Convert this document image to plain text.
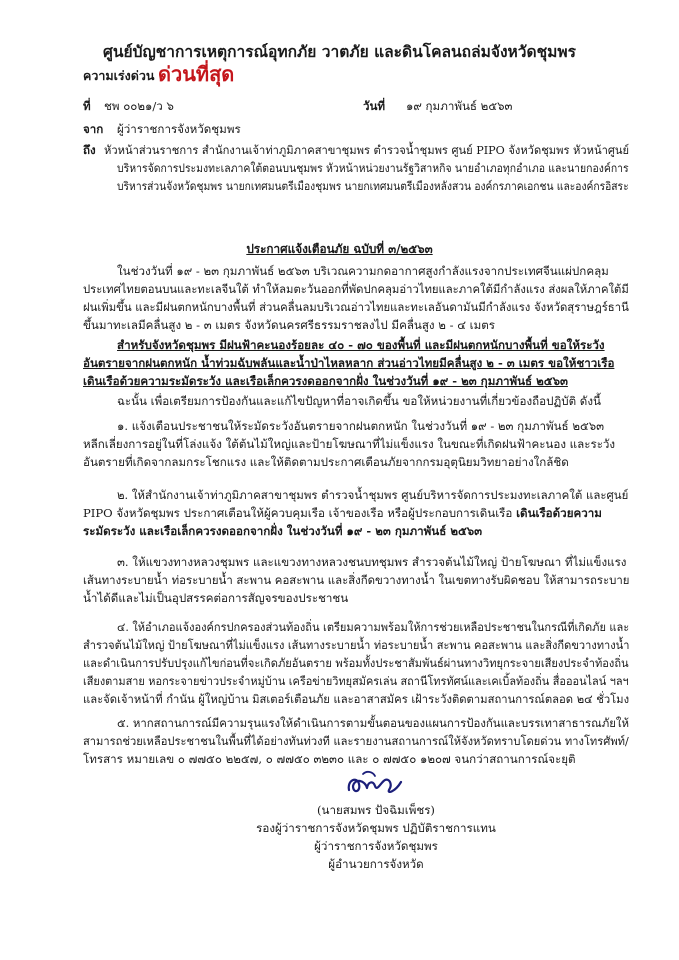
ศูนย์บัญชาการเหตุการณ์อุทกภัย วาตภัย และดินโคลนถล่มจังหวัดชุมพร
ความเร่งด่วน ด่วนที่สุด
ที่ ชพ ๐๐๒๑/ว ๖	วันที่ ๑๙ กุมภาพันธ์ ๒๕๖๓
จาก ผู้ว่าราชการจังหวัดชุมพร
ถึง หัวหน้าส่วนราชการ สำนักงานเจ้าท่าภูมิภาคสาขาชุมพร ตำรวจน้ำชุมพร ศูนย์ PIPO จังหวัดชุมพร หัวหน้าศูนย์
บริหารจัดการประมงทะเลภาคใต้ตอนบนชุมพร หัวหน้าหน่วยงานรัฐวิสาหกิจ นายอำเภอทุกอำเภอ และนายกองค์การ
บริหารส่วนจังหวัดชุมพร นายกเทศมนตรีเมืองชุมพร นายกเทศมนตรีเมืองหลังสวน องค์กรภาคเอกชน และองค์กรอิสระ
ประกาศแจ้งเตือนภัย ฉบับที่ ๓/๒๕๖๓
ในช่วงวันที่ ๑๙ - ๒๓ กุมภาพันธ์ ๒๕๖๓ บริเวณความกดอากาศสูงกำลังแรงจากประเทศจีนแผ่ปกคลุม
ประเทศไทยตอนบนและทะเลจีนใต้ ทำให้ลมตะวันออกที่พัดปกคลุมอ่าวไทยและภาคใต้มีกำลังแรง ส่งผลให้ภาคใต้มี
ฝนเพิ่มขึ้น และมีฝนตกหนักบางพื้นที่ ส่วนคลื่นลมบริเวณอ่าวไทยและทะเลอันดามันมีกำลังแรง จังหวัดสุราษฎร์ธานี
ขึ้นมาทะเลมีคลื่นสูง ๒ - ๓ เมตร จังหวัดนครศรีธรรมราชลงไป มีคลื่นสูง ๒ - ๔ เมตร
สำหรับจังหวัดชุมพร มีฝนฟ้าคะนองร้อยละ ๔๐ - ๗๐ ของพื้นที่ และมีฝนตกหนักบางพื้นที่ ขอให้ระวัง
อันตรายจากฝนตกหนัก น้ำท่วมฉับพลันและน้ำป่าไหลหลาก ส่วนอ่าวไทยมีคลื่นสูง ๒ - ๓ เมตร ขอให้ชาวเรือ
เดินเรือด้วยความระมัดระวัง และเรือเล็กควรงดออกจากฝั่ง ในช่วงวันที่ ๑๙ - ๒๓ กุมภาพันธ์ ๒๕๖๓
ฉะนั้น เพื่อเตรียมการป้องกันและแก้ไขปัญหาที่อาจเกิดขึ้น ขอให้หน่วยงานที่เกี่ยวข้องถือปฏิบัติ ดังนี้
๑. แจ้งเตือนประชาชนให้ระมัดระวังอันตรายจากฝนตกหนัก ในช่วงวันที่ ๑๙ - ๒๓ กุมภาพันธ์ ๒๕๖๓
หลีกเลี่ยงการอยู่ในที่โล่งแจ้ง ใต้ต้นไม้ใหญ่และป้ายโฆษณาที่ไม่แข็งแรง ในขณะที่เกิดฝนฟ้าคะนอง และระวัง
อันตรายที่เกิดจากลมกระโชกแรง และให้ติดตามประกาศเตือนภัยจากกรมอุตุนิยมวิทยาอย่างใกล้ชิด
๒. ให้สำนักงานเจ้าท่าภูมิภาคสาขาชุมพร ตำรวจน้ำชุมพร ศูนย์บริหารจัดการประมงทะเลภาคใต้ และศูนย์
PIPO จังหวัดชุมพร ประกาศเตือนให้ผู้ควบคุมเรือ เจ้าของเรือ หรือผู้ประกอบการเดินเรือ เดินเรือด้วยความ
ระมัดระวัง และเรือเล็กควรงดออกจากฝั่ง ในช่วงวันที่ ๑๙ - ๒๓ กุมภาพันธ์ ๒๕๖๓
๓. ให้แขวงทางหลวงชุมพร และแขวงทางหลวงชนบทชุมพร สำรวจต้นไม้ใหญ่ ป้ายโฆษณา ที่ไม่แข็งแรง
เส้นทางระบายน้ำ ท่อระบายน้ำ สะพาน คอสะพาน และสิ่งกีดขวางทางน้ำ ในเขตทางรับผิดชอบ ให้สามารถระบาย
น้ำได้ดีและไม่เป็นอุปสรรคต่อการสัญจรของประชาชน
๔. ให้อำเภอแจ้งองค์กรปกครองส่วนท้องถิ่น เตรียมความพร้อมให้การช่วยเหลือประชาชนในกรณีที่เกิดภัย และ
สำรวจต้นไม้ใหญ่ ป้ายโฆษณาที่ไม่แข็งแรง เส้นทางระบายน้ำ ท่อระบายน้ำ สะพาน คอสะพาน และสิ่งกีดขวางทางน้ำ
และดำเนินการปรับปรุงแก้ไขก่อนที่จะเกิดภัยอันตราย พร้อมทั้งประชาสัมพันธ์ผ่านทางวิทยุกระจายเสียงประจำท้องถิ่น
เสียงตามสาย หอกระจายข่าวประจำหมู่บ้าน เครือข่ายวิทยุสมัครเล่น สถานีโทรทัศน์และเคเบิ้ลท้องถิ่น สื่อออนไลน์ ฯลฯ
และจัดเจ้าหน้าที่ กำนัน ผู้ใหญ่บ้าน มิสเตอร์เตือนภัย และอาสาสมัคร เฝ้าระวังติดตามสถานการณ์ตลอด ๒๔ ชั่วโมง
๕. หากสถานการณ์มีความรุนแรงให้ดำเนินการตามขั้นตอนของแผนการป้องกันและบรรเทาสาธารณภัยให้
สามารถช่วยเหลือประชาชนในพื้นที่ได้อย่างทันท่วงที และรายงานสถานการณ์ให้จังหวัดทราบโดยด่วน ทางโทรศัพท์/
โทรสาร หมายเลข ๐ ๗๗๕๐ ๒๒๕๗, ๐ ๗๗๕๐ ๓๒๓๐ และ ๐ ๗๗๕๐ ๑๒๐๗ จนกว่าสถานการณ์จะยุติ
(นายสมพร ปัจฉิมเพ็ชร)
รองผู้ว่าราชการจังหวัดชุมพร ปฏิบัติราชการแทน
ผู้ว่าราชการจังหวัดชุมพร
ผู้อำนวยการจังหวัด
